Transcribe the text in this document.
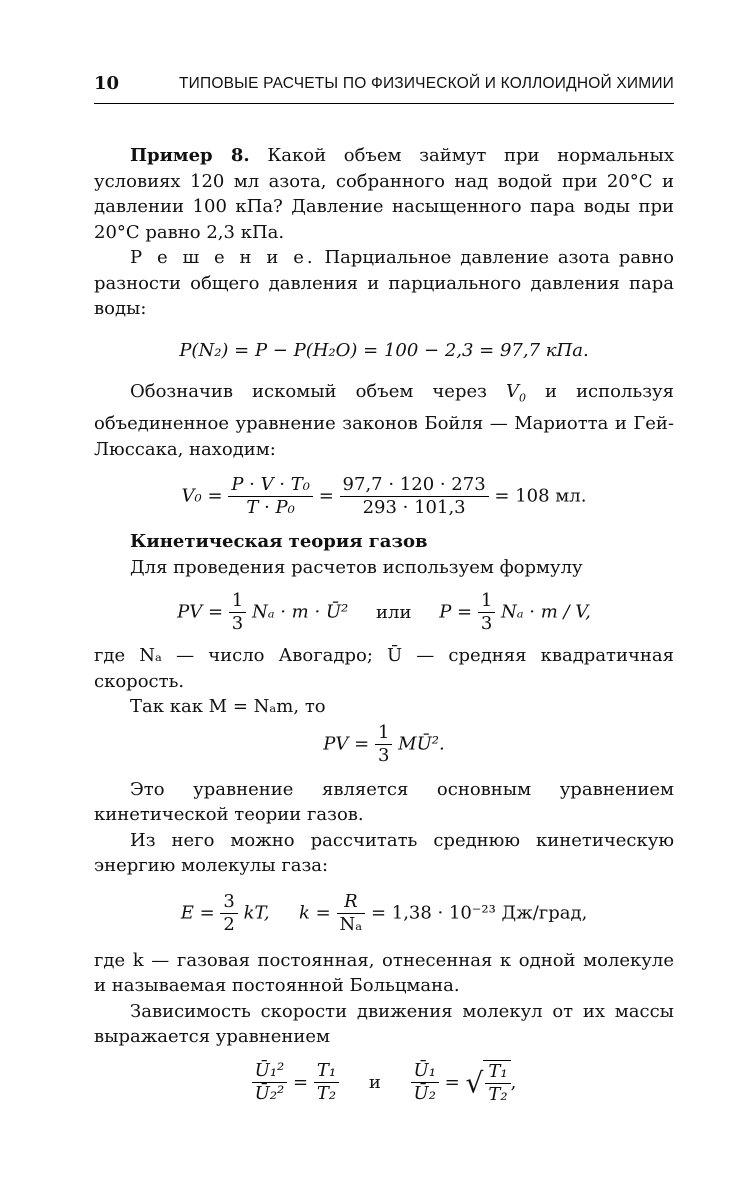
10	ТИПОВЫЕ РАСЧЕТЫ ПО ФИЗИЧЕСКОЙ И КОЛЛОИДНОЙ ХИМИИ

Пример 8. Какой объем займут при нормальных условиях 120 мл азота, собранного над водой при 20°C и давлении 100 кПа? Давление насыщенного пара воды при 20°C равно 2,3 кПа.

Р е ш е н и е. Парциальное давление азота равно разности общего давления и парциального давления пара воды:

P(N₂) = P − P(H₂O) = 100 − 2,3 = 97,7 кПа.

Обозначив искомый объем через $V_0$ и используя объединенное уравнение законов Бойля — Мариотта и Гей-Люссака, находим:

$V_0 = \frac{\text{P · V · T₀}}{\text{T · P₀}} = \frac{97,7 \cdot 120 \cdot 273}{293 \cdot 101,3} = 108$ мл.

Кинетическая теория газов

Для проведения расчетов используем формулу

PV = $\frac{1}{3}$ Nₐ · m · Ū² или $P = \frac{1}{3}$ Nₐ · m / V,

где Nₐ — число Авогадро; Ū — средняя квадратичная скорость.

Так как M = Nₐm, то

PV = $\frac{1}{3}$ MŪ².

Это уравнение является основным уравнением кинетической теории газов.

Из него можно рассчитать среднюю кинетическую энергию молекулы газа:

$E = \frac{3}{2}$ kT, $k = \frac{R}{\text{Nₐ}} = 1,38 \cdot 10^{-23}$ Дж/град,

где k — газовая постоянная, отнесенная к одной молекуле и называемая постоянной Больцмана.

Зависимость скорости движения молекул от их массы выражается уравнением

$\frac{\text{Ū₁²}}{\text{Ū₂²}} = \frac{\text{T₁}}{\text{T₂}}$ и $\frac{\text{Ū₁}}{\text{Ū₂}}$ = √ $\frac{\text{T₁}}{\text{T₂}}$ ,
